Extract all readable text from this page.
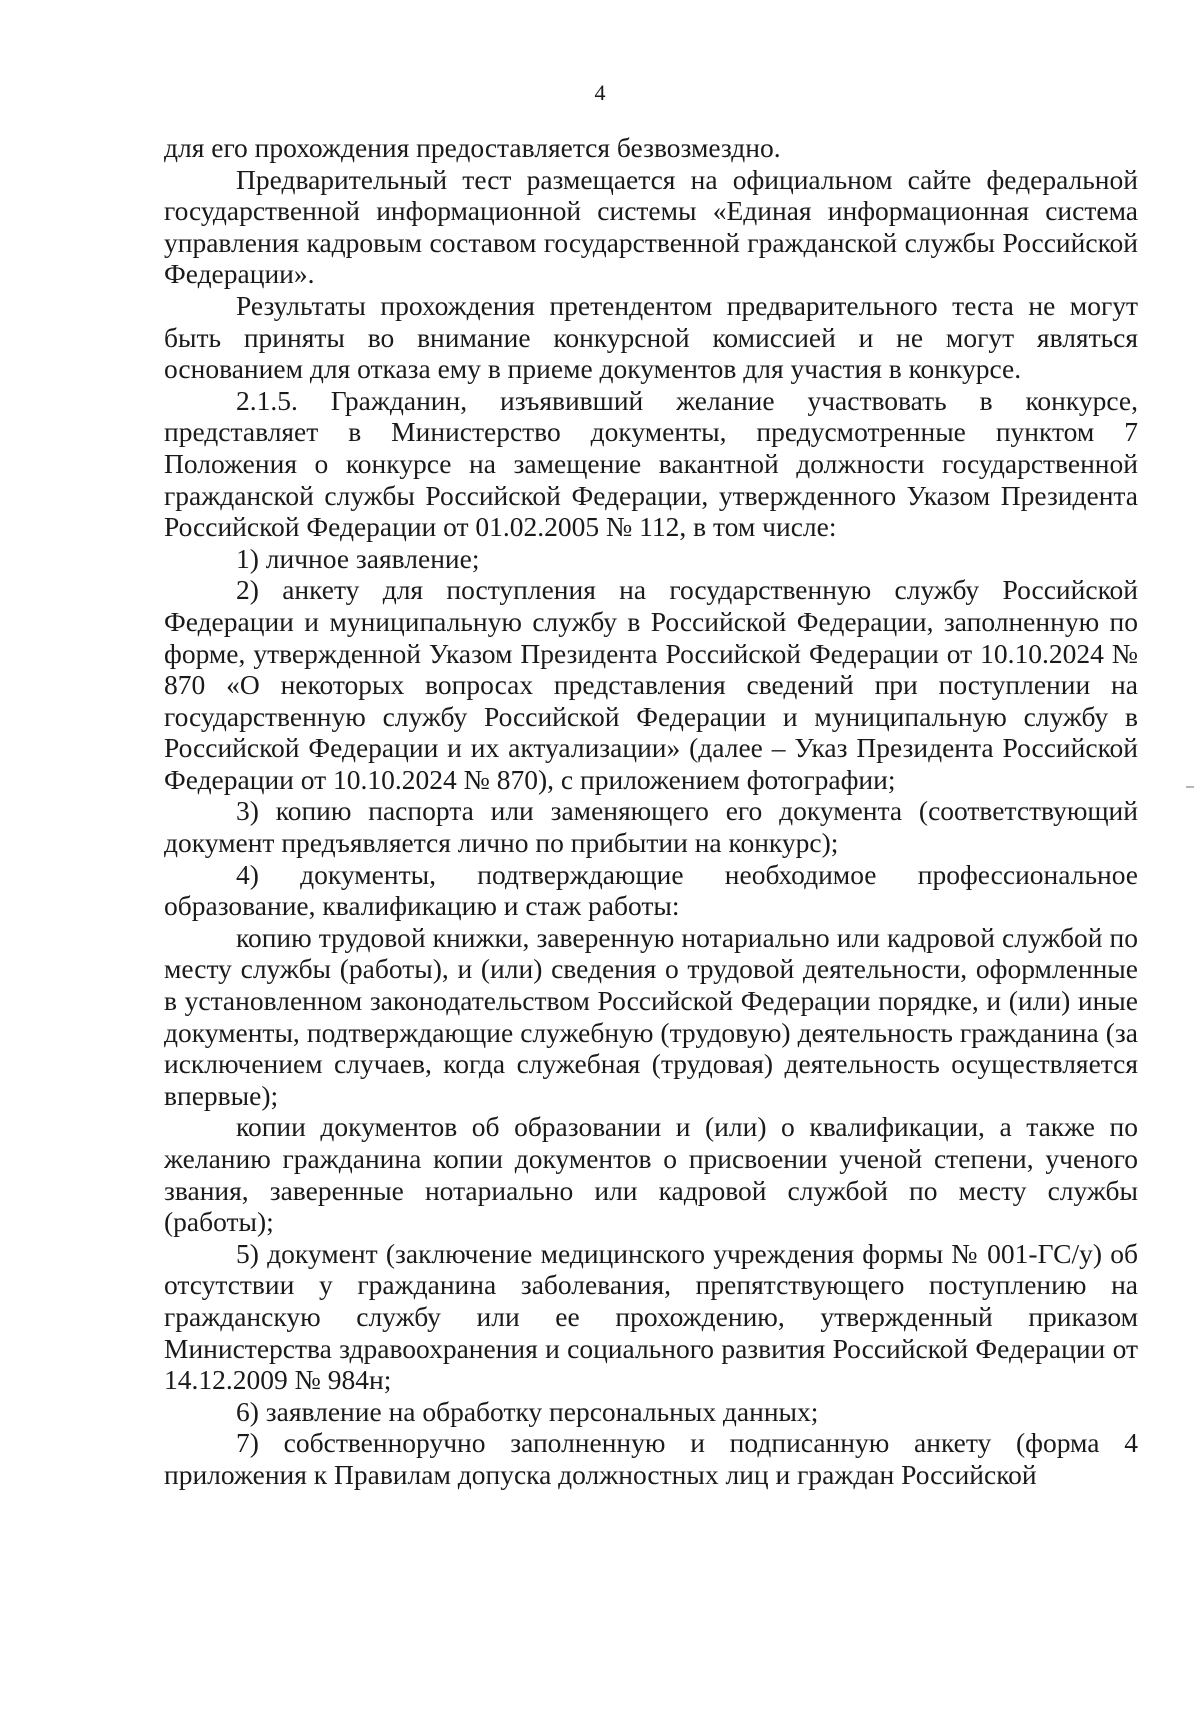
4

для его прохождения предоставляется безвозмездно.

Предварительный тест размещается на официальном сайте федеральной государственной информационной системы «Единая информационная система управления кадровым составом государственной гражданской службы Российской Федерации».

Результаты прохождения претендентом предварительного теста не могут быть приняты во внимание конкурсной комиссией и не могут являться основанием для отказа ему в приеме документов для участия в конкурсе.

2.1.5. Гражданин, изъявивший желание участвовать в конкурсе, представляет в Министерство документы, предусмотренные пунктом 7 Положения о конкурсе на замещение вакантной должности государственной гражданской службы Российской Федерации, утвержденного Указом Президента Российской Федерации от 01.02.2005 № 112, в том числе:

1) личное заявление;

2) анкету для поступления на государственную службу Российской Федерации и муниципальную службу в Российской Федерации, заполненную по форме, утвержденной Указом Президента Российской Федерации от 10.10.2024 № 870 «О некоторых вопросах представления сведений при поступлении на государственную службу Российской Федерации и муниципальную службу в Российской Федерации и их актуализации» (далее – Указ Президента Российской Федерации от 10.10.2024 № 870), с приложением фотографии;

3) копию паспорта или заменяющего его документа (соответствующий документ предъявляется лично по прибытии на конкурс);

4) документы, подтверждающие необходимое профессиональное образование, квалификацию и стаж работы:

копию трудовой книжки, заверенную нотариально или кадровой службой по месту службы (работы), и (или) сведения о трудовой деятельности, оформленные в установленном законодательством Российской Федерации порядке, и (или) иные документы, подтверждающие служебную (трудовую) деятельность гражданина (за исключением случаев, когда служебная (трудовая) деятельность осуществляется впервые);

копии документов об образовании и (или) о квалификации, а также по желанию гражданина копии документов о присвоении ученой степени, ученого звания, заверенные нотариально или кадровой службой по месту службы (работы);

5) документ (заключение медицинского учреждения формы № 001-ГС/у) об отсутствии у гражданина заболевания, препятствующего поступлению на гражданскую службу или ее прохождению, утвержденный приказом Министерства здравоохранения и социального развития Российской Федерации от 14.12.2009 № 984н;

6) заявление на обработку персональных данных;

7) собственноручно заполненную и подписанную анкету (форма 4 приложения к Правилам допуска должностных лиц и граждан Российской
